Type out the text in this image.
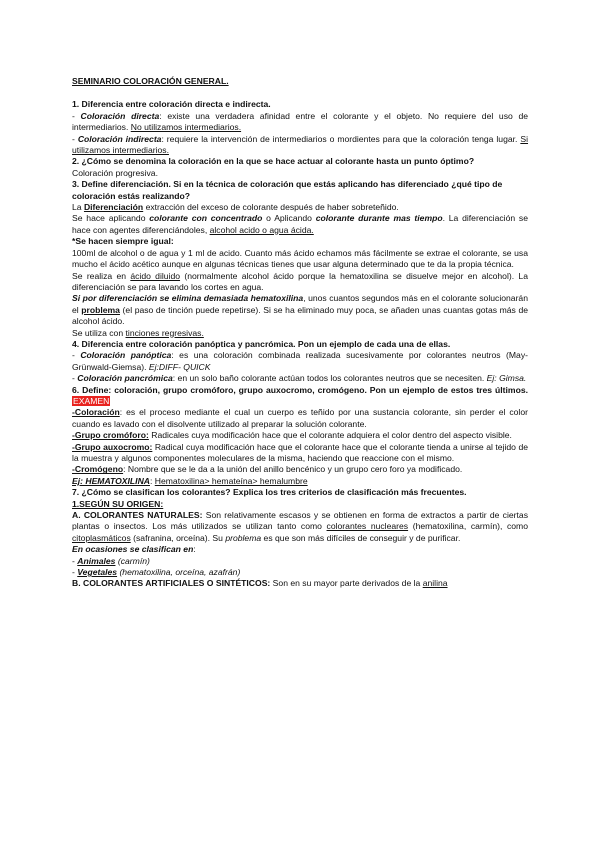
SEMINARIO COLORACIÓN GENERAL.

1. Diferencia entre coloración directa e indirecta.

- Coloración directa: existe una verdadera afinidad entre el colorante y el objeto. No requiere del uso de intermediarios. No utilizamos intermediarios.

- Coloración indirecta: requiere la intervención de intermediarios o mordientes para que la coloración tenga lugar. Si utilizamos intermediarios.

2. ¿Cómo se denomina la coloración en la que se hace actuar al colorante hasta un punto óptimo?

Coloración progresiva.

3. Define diferenciación. Si en la técnica de coloración que estás aplicando has diferenciado ¿qué tipo de coloración estás realizando?

La Diferenciación extracción del exceso de colorante después de haber sobreteñido.

Se hace aplicando colorante con concentrado o Aplicando colorante durante mas tiempo. La diferenciación se hace con agentes diferenciándoles, alcohol acido o agua ácida.

*Se hacen siempre igual:

100ml de alcohol o de agua y 1 ml de acido. Cuanto más ácido echamos más fácilmente se extrae el colorante, se usa mucho el ácido acético aunque en algunas técnicas tienes que usar alguna determinado que te da la propia técnica.

Se realiza en ácido diluido (normalmente alcohol ácido porque la hematoxilina se disuelve mejor en alcohol). La diferenciación se para lavando los cortes en agua.

Si por diferenciación se elimina demasiada hematoxilina, unos cuantos segundos más en el colorante solucionarán el problema (el paso de tinción puede repetirse). Si se ha eliminado muy poca, se añaden unas cuantas gotas más de alcohol ácido.

Se utiliza con tinciones regresivas.

4. Diferencia entre coloración panóptica y pancrómica. Pon un ejemplo de cada una de ellas.

- Coloración panóptica: es una coloración combinada realizada sucesivamente por colorantes neutros (May-Grünwald-Giemsa). Ej:DIFF- QUICK

- Coloración pancrómica: en un solo baño colorante actúan todos los colorantes neutros que se necesiten. Ej: Gimsa.

6. Define: coloración, grupo cromóforo, grupo auxocromo, cromógeno. Pon un ejemplo de estos tres últimos. EXAMEN

-Coloración: es el proceso mediante el cual un cuerpo es teñido por una sustancia colorante, sin perder el color cuando es lavado con el disolvente utilizado al preparar la solución colorante.

-Grupo cromóforo: Radicales cuya modificación hace que el colorante adquiera el color dentro del aspecto visible.

-Grupo auxocromo: Radical cuya modificación hace que el colorante hace que el colorante tienda a unirse al tejido de la muestra y algunos componentes moleculares de la misma, haciendo que reaccione con el mismo.

-Cromógeno: Nombre que se le da a la unión del anillo bencénico y un grupo cero foro ya modificado.

Ej: HEMATOXILINA: Hematoxilina> hemateína> hemalumbre

7. ¿Cómo se clasifican los colorantes? Explica los tres criterios de clasificación más frecuentes.

1.SEGÚN SU ORIGEN:

A. COLORANTES NATURALES: Son relativamente escasos y se obtienen en forma de extractos a partir de ciertas plantas o insectos. Los más utilizados se utilizan tanto como colorantes nucleares (hematoxilina, carmín), como citoplasmáticos (safranina, orceína). Su problema es que son más difíciles de conseguir y de purificar.

En ocasiones se clasifican en:

- Animales (carmín)

- Vegetales (hematoxilina, orceína, azafrán)

B. COLORANTES ARTIFICIALES O SINTÉTICOS: Son en su mayor parte derivados de la anilina
